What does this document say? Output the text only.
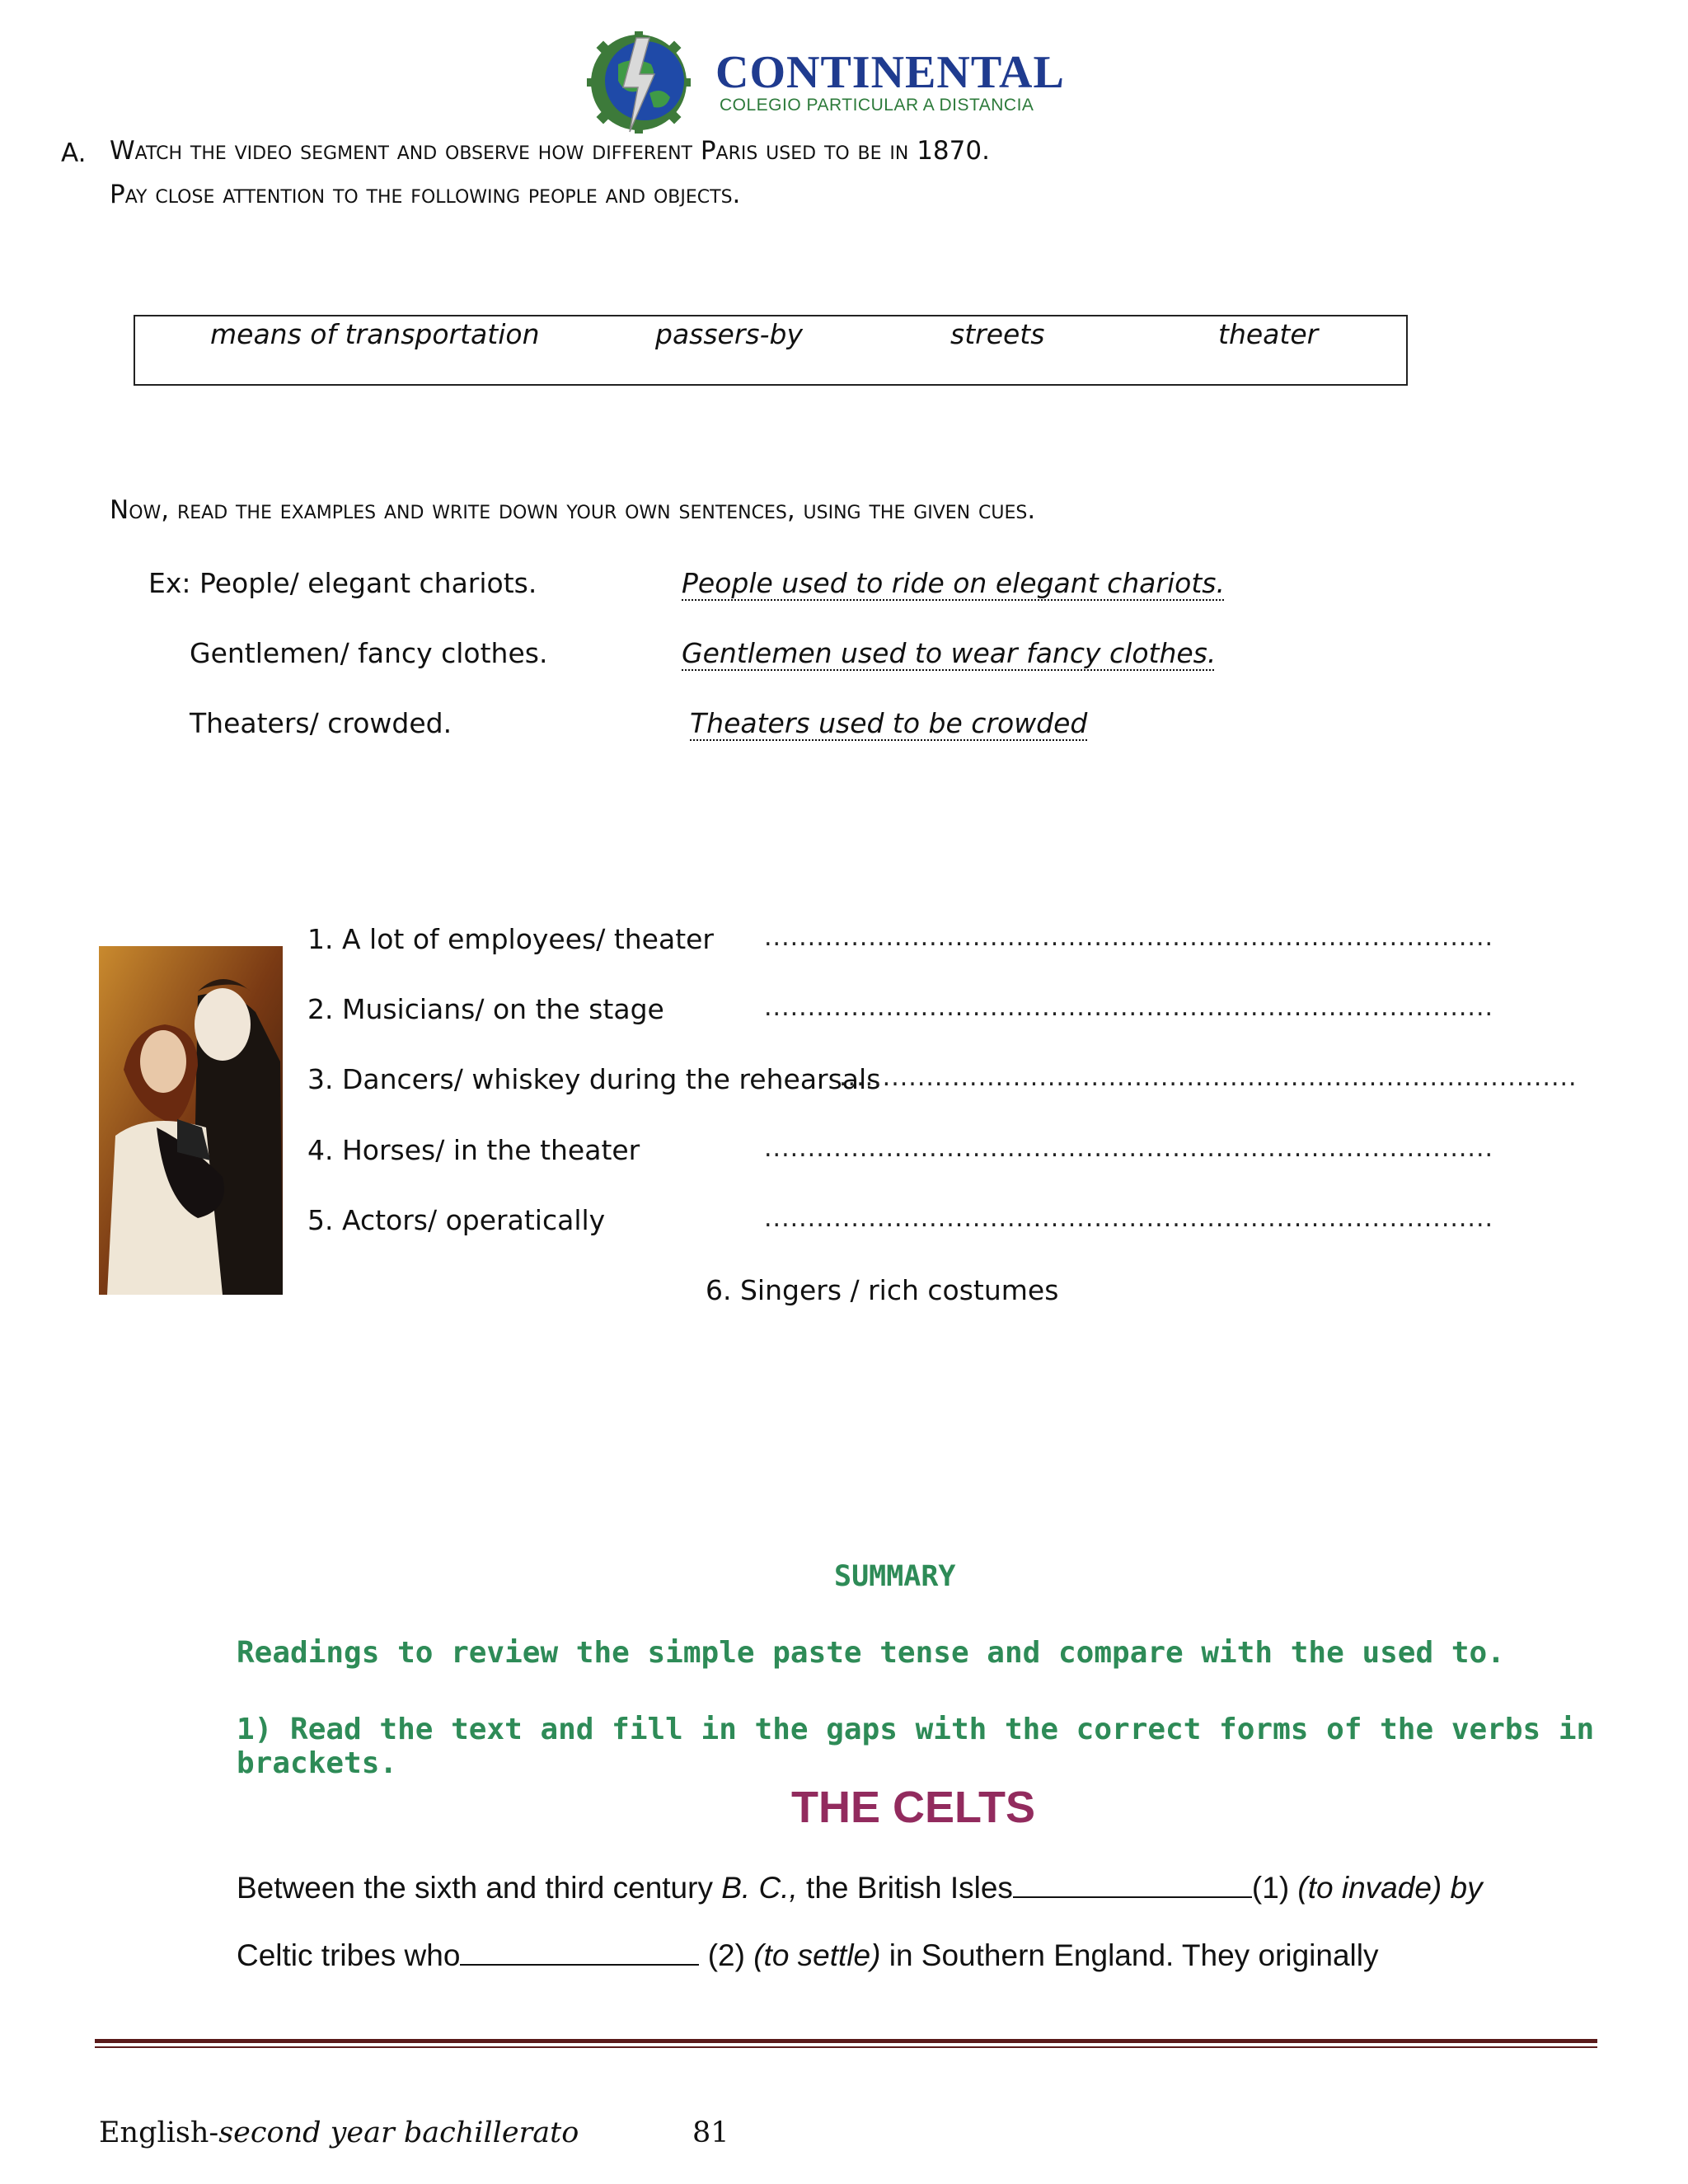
CONTINENTAL
COLEGIO PARTICULAR A DISTANCIA
A. Watch the video segment and observe how different Paris used to be in 1870.
Pay close attention to the following people and objects.
means of transportation	passers-by	streets	theater
Now, read the examples and write down your own sentences, using the given cues.
Ex: People/ elegant chariots.	People used to ride on elegant chariots.
Gentlemen/ fancy clothes.	Gentlemen used to wear fancy clothes.
Theaters/ crowded.	Theaters used to be crowded
1. A lot of employees/ theater ....................................................................................
2. Musicians/ on the stage	....................................................................................
3. Dancers/ whiskey during the rehearsals
.....................................................................................
4. Horses/ in the theater	....................................................................................
5. Actors/ operatically	....................................................................................
6. Singers / rich costumes
SUMMARY
Readings to review the simple paste tense and compare with the used to.
1) Read the text and fill in the gaps with the correct forms of the verbs in brackets.
THE CELTS
Between the sixth and third century B. C., the British Isles	(1) (to invade) by
Celtic tribes who	(2) (to settle) in Southern England. They originally
English-second year bachillerato	81
